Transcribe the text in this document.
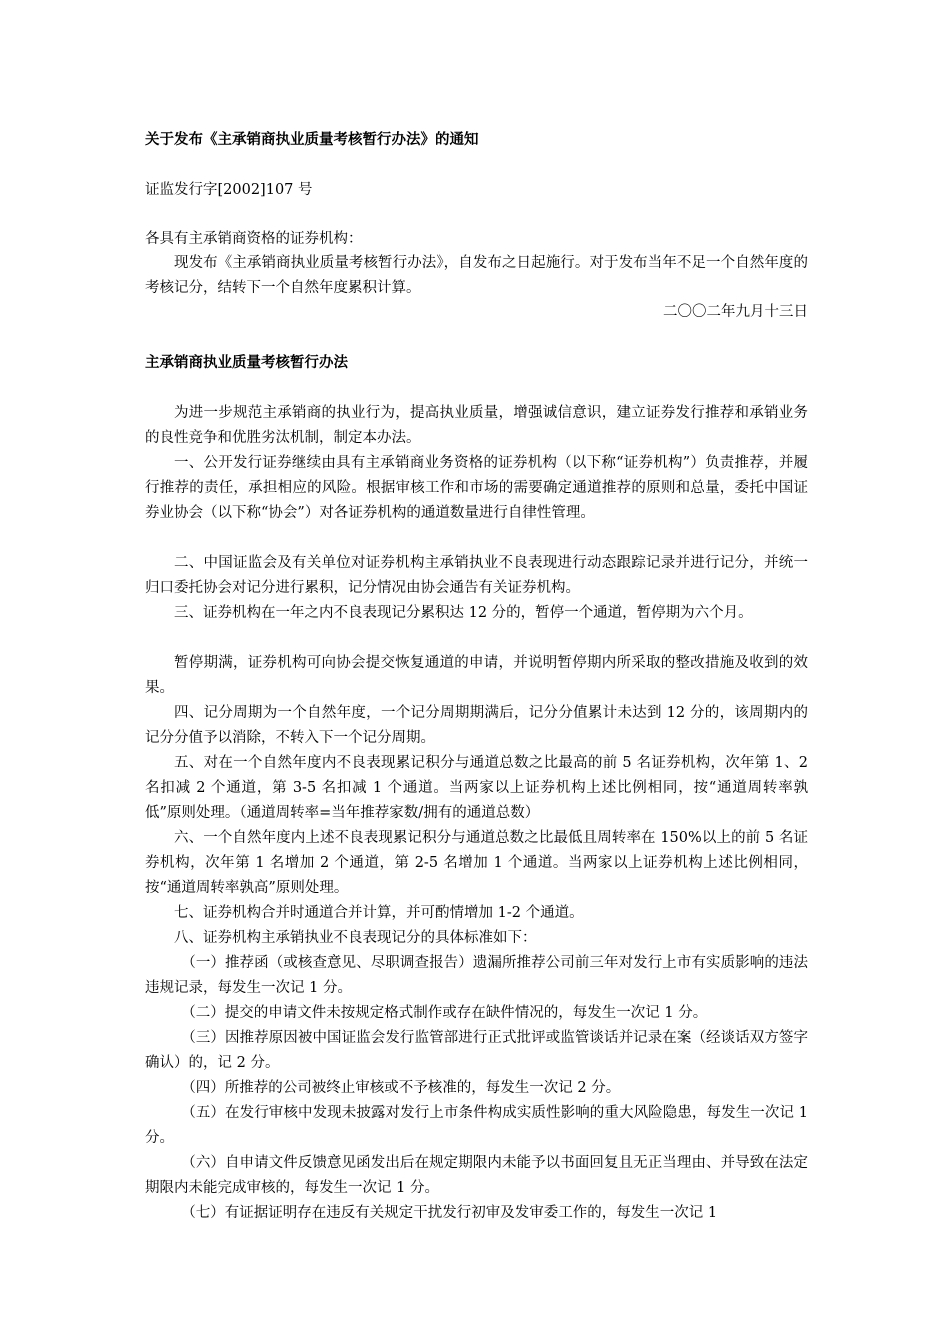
关于发布《主承销商执业质量考核暂行办法》的通知
证监发行字[2002]107 号
各具有主承销商资格的证券机构：
现发布《主承销商执业质量考核暂行办法》，自发布之日起施行。对于发布当年不足一个自然年度的考核记分，结转下一个自然年度累积计算。
二〇〇二年九月十三日
主承销商执业质量考核暂行办法
为进一步规范主承销商的执业行为，提高执业质量，增强诚信意识，建立证券发行推荐和承销业务的良性竞争和优胜劣汰机制，制定本办法。
一、公开发行证券继续由具有主承销商业务资格的证券机构（以下称“证券机构”）负责推荐，并履行推荐的责任，承担相应的风险。根据审核工作和市场的需要确定通道推荐的原则和总量，委托中国证券业协会（以下称“协会”）对各证券机构的通道数量进行自律性管理。
二、中国证监会及有关单位对证券机构主承销执业不良表现进行动态跟踪记录并进行记分，并统一归口委托协会对记分进行累积，记分情况由协会通告有关证券机构。
三、证券机构在一年之内不良表现记分累积达 12 分的，暂停一个通道，暂停期为六个月。
暂停期满，证券机构可向协会提交恢复通道的申请，并说明暂停期内所采取的整改措施及收到的效果。
四、记分周期为一个自然年度，一个记分周期期满后，记分分值累计未达到 12 分的，该周期内的记分分值予以消除，不转入下一个记分周期。
五、对在一个自然年度内不良表现累记积分与通道总数之比最高的前 5 名证券机构，次年第 1、2 名扣减 2 个通道，第 3-5 名扣减 1 个通道。当两家以上证券机构上述比例相同，按“通道周转率孰低”原则处理。（通道周转率=当年推荐家数/拥有的通道总数）
六、一个自然年度内上述不良表现累记积分与通道总数之比最低且周转率在 150%以上的前 5 名证券机构，次年第 1 名增加 2 个通道，第 2-5 名增加 1 个通道。当两家以上证券机构上述比例相同，按“通道周转率孰高”原则处理。
七、证券机构合并时通道合并计算，并可酌情增加 1-2 个通道。
八、证券机构主承销执业不良表现记分的具体标准如下：
（一）推荐函（或核查意见、尽职调查报告）遗漏所推荐公司前三年对发行上市有实质影响的违法违规记录，每发生一次记 1 分。
（二）提交的申请文件未按规定格式制作或存在缺件情况的，每发生一次记 1 分。
（三）因推荐原因被中国证监会发行监管部进行正式批评或监管谈话并记录在案（经谈话双方签字确认）的，记 2 分。
（四）所推荐的公司被终止审核或不予核准的，每发生一次记 2 分。
（五）在发行审核中发现未披露对发行上市条件构成实质性影响的重大风险隐患，每发生一次记 1 分。
（六）自申请文件反馈意见函发出后在规定期限内未能予以书面回复且无正当理由、并导致在法定期限内未能完成审核的，每发生一次记 1 分。
（七）有证据证明存在违反有关规定干扰发行初审及发审委工作的，每发生一次记 1
